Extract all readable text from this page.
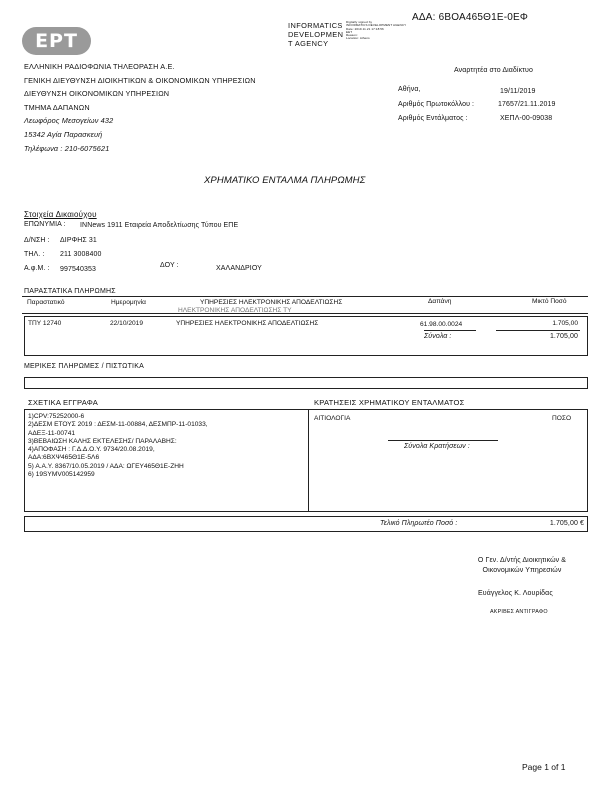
ΕΡΤ
INFORMATICS
DEVELOPMEN
T AGENCY
Digitally signed by
INFORMATICS DEVELOPMENT AGENCY
Date: 2019.11.21 17:18:56
EET
Reason:
Location: Athens
ΑΔΑ: 6ΒΟΑ465Θ1Ε-0ΕΦ
ΕΛΛΗΝΙΚΗ ΡΑΔΙΟΦΩΝΙΑ ΤΗΛΕΟΡΑΣΗ Α.Ε.
ΓΕΝΙΚΗ ΔΙΕΥΘΥΝΣΗ ΔΙΟΙΚΗΤΙΚΩΝ & ΟΙΚΟΝΟΜΙΚΩΝ ΥΠΗΡΕΣΙΩΝ
ΔΙΕΥΘΥΝΣΗ ΟΙΚΟΝΟΜΙΚΩΝ ΥΠΗΡΕΣΙΩΝ
ΤΜΗΜΑ ΔΑΠΑΝΩΝ
Λεωφόρος Μεσογείων 432
15342 Αγία Παρασκευή
Τηλέφωνα : 210-6075621
Αναρτητέα στο Διαδίκτυο
Αθήνα,	19/11/2019
Αριθμός Πρωτοκόλλου :	17657/21.11.2019
Αριθμός Εντάλματος :	ΧΕΠΛ-00-09038
ΧΡΗΜΑΤΙΚΟ ΕΝΤΑΛΜΑ ΠΛΗΡΩΜΗΣ
Στοιχεία Δικαιούχου
ΕΠΩΝΥΜΙΑ : INNews 1911 Εταιρεία Αποδελτίωσης Τύπου ΕΠΕ
Δ/ΝΣΗ : ΔΙΡΦΗΣ 31
ΤΗΛ. : 211 3008400
Α.φ.Μ. : 997540353
ΔΟΥ :	ΧΑΛΑΝΔΡΙΟΥ
ΠΑΡΑΣΤΑΤΙΚΑ ΠΛΗΡΩΜΗΣ
Παραστατικό	Ημερομηνία	ΥΠΗΡΕΣΙΕΣ ΗΛΕΚΤΡΟΝΙΚΗΣ ΑΠΟΔΕΛΤΙΩΣΗΣ
ΗΛΕΚΤΡΟΝΙΚΗΣ ΑΠΟΔΕΛΤΙΩΣΗΣ ΤΥ
Δαπάνη	Μικτό Ποσό
ΤΠΥ 12740	22/10/2019	ΥΠΗΡΕΣΙΕΣ ΗΛΕΚΤΡΟΝΙΚΗΣ ΑΠΟΔΕΛΤΙΩΣΗΣ	61.98.00.0024	1.705,00
Σύνολα :	1.705,00
ΜΕΡΙΚΕΣ ΠΛΗΡΩΜΕΣ / ΠΙΣΤΩΤΙΚΑ
ΣΧΕΤΙΚΑ ΕΓΓΡΑΦΑ	ΚΡΑΤΗΣΕΙΣ ΧΡΗΜΑΤΙΚΟΥ ΕΝΤΑΛΜΑΤΟΣ
1)CPV:75252000-6
2)ΔΕΣΜ ΕΤΟΥΣ 2019 : ΔΕΣΜ-11-00884, ΔΕΣΜΠΡ-11-01033,
ΑΔΕΞ-11-00741
3)ΒΕΒΑΙΩΣΗ ΚΑΛΗΣ ΕΚΤΕΛΕΣΗΣ/ ΠΑΡΑΛΑΒΗΣ:
4)ΑΠΟΦΑΣΗ : Γ.Δ.Δ.Ο.Υ. 9734/20.08.2019,
ΑΔΑ:6ΒΧΨ465Θ1Ε-5Λ6
5) Α.Α.Υ. 8367/10.05.2019 / ΑΔΑ: ΩΓΕΥ465Θ1Ε-ΖΗΗ
6) 19SYMV005142959
ΑΙΤΙΟΛΟΓΙΑ	ΠΟΣΟ
Σύνολα Κρατήσεων :
Τελικό Πληρωτέο Ποσό :	1.705,00 €
Ο Γεν. Δ/ντής Διοικητικών &
Οικονομικών Υπηρεσιών
Ευάγγελος Κ. Λουρίδας
ΑΚΡΙΒΕΣ ΑΝΤΙΓΡΑΦΟ
Page 1 of 1
